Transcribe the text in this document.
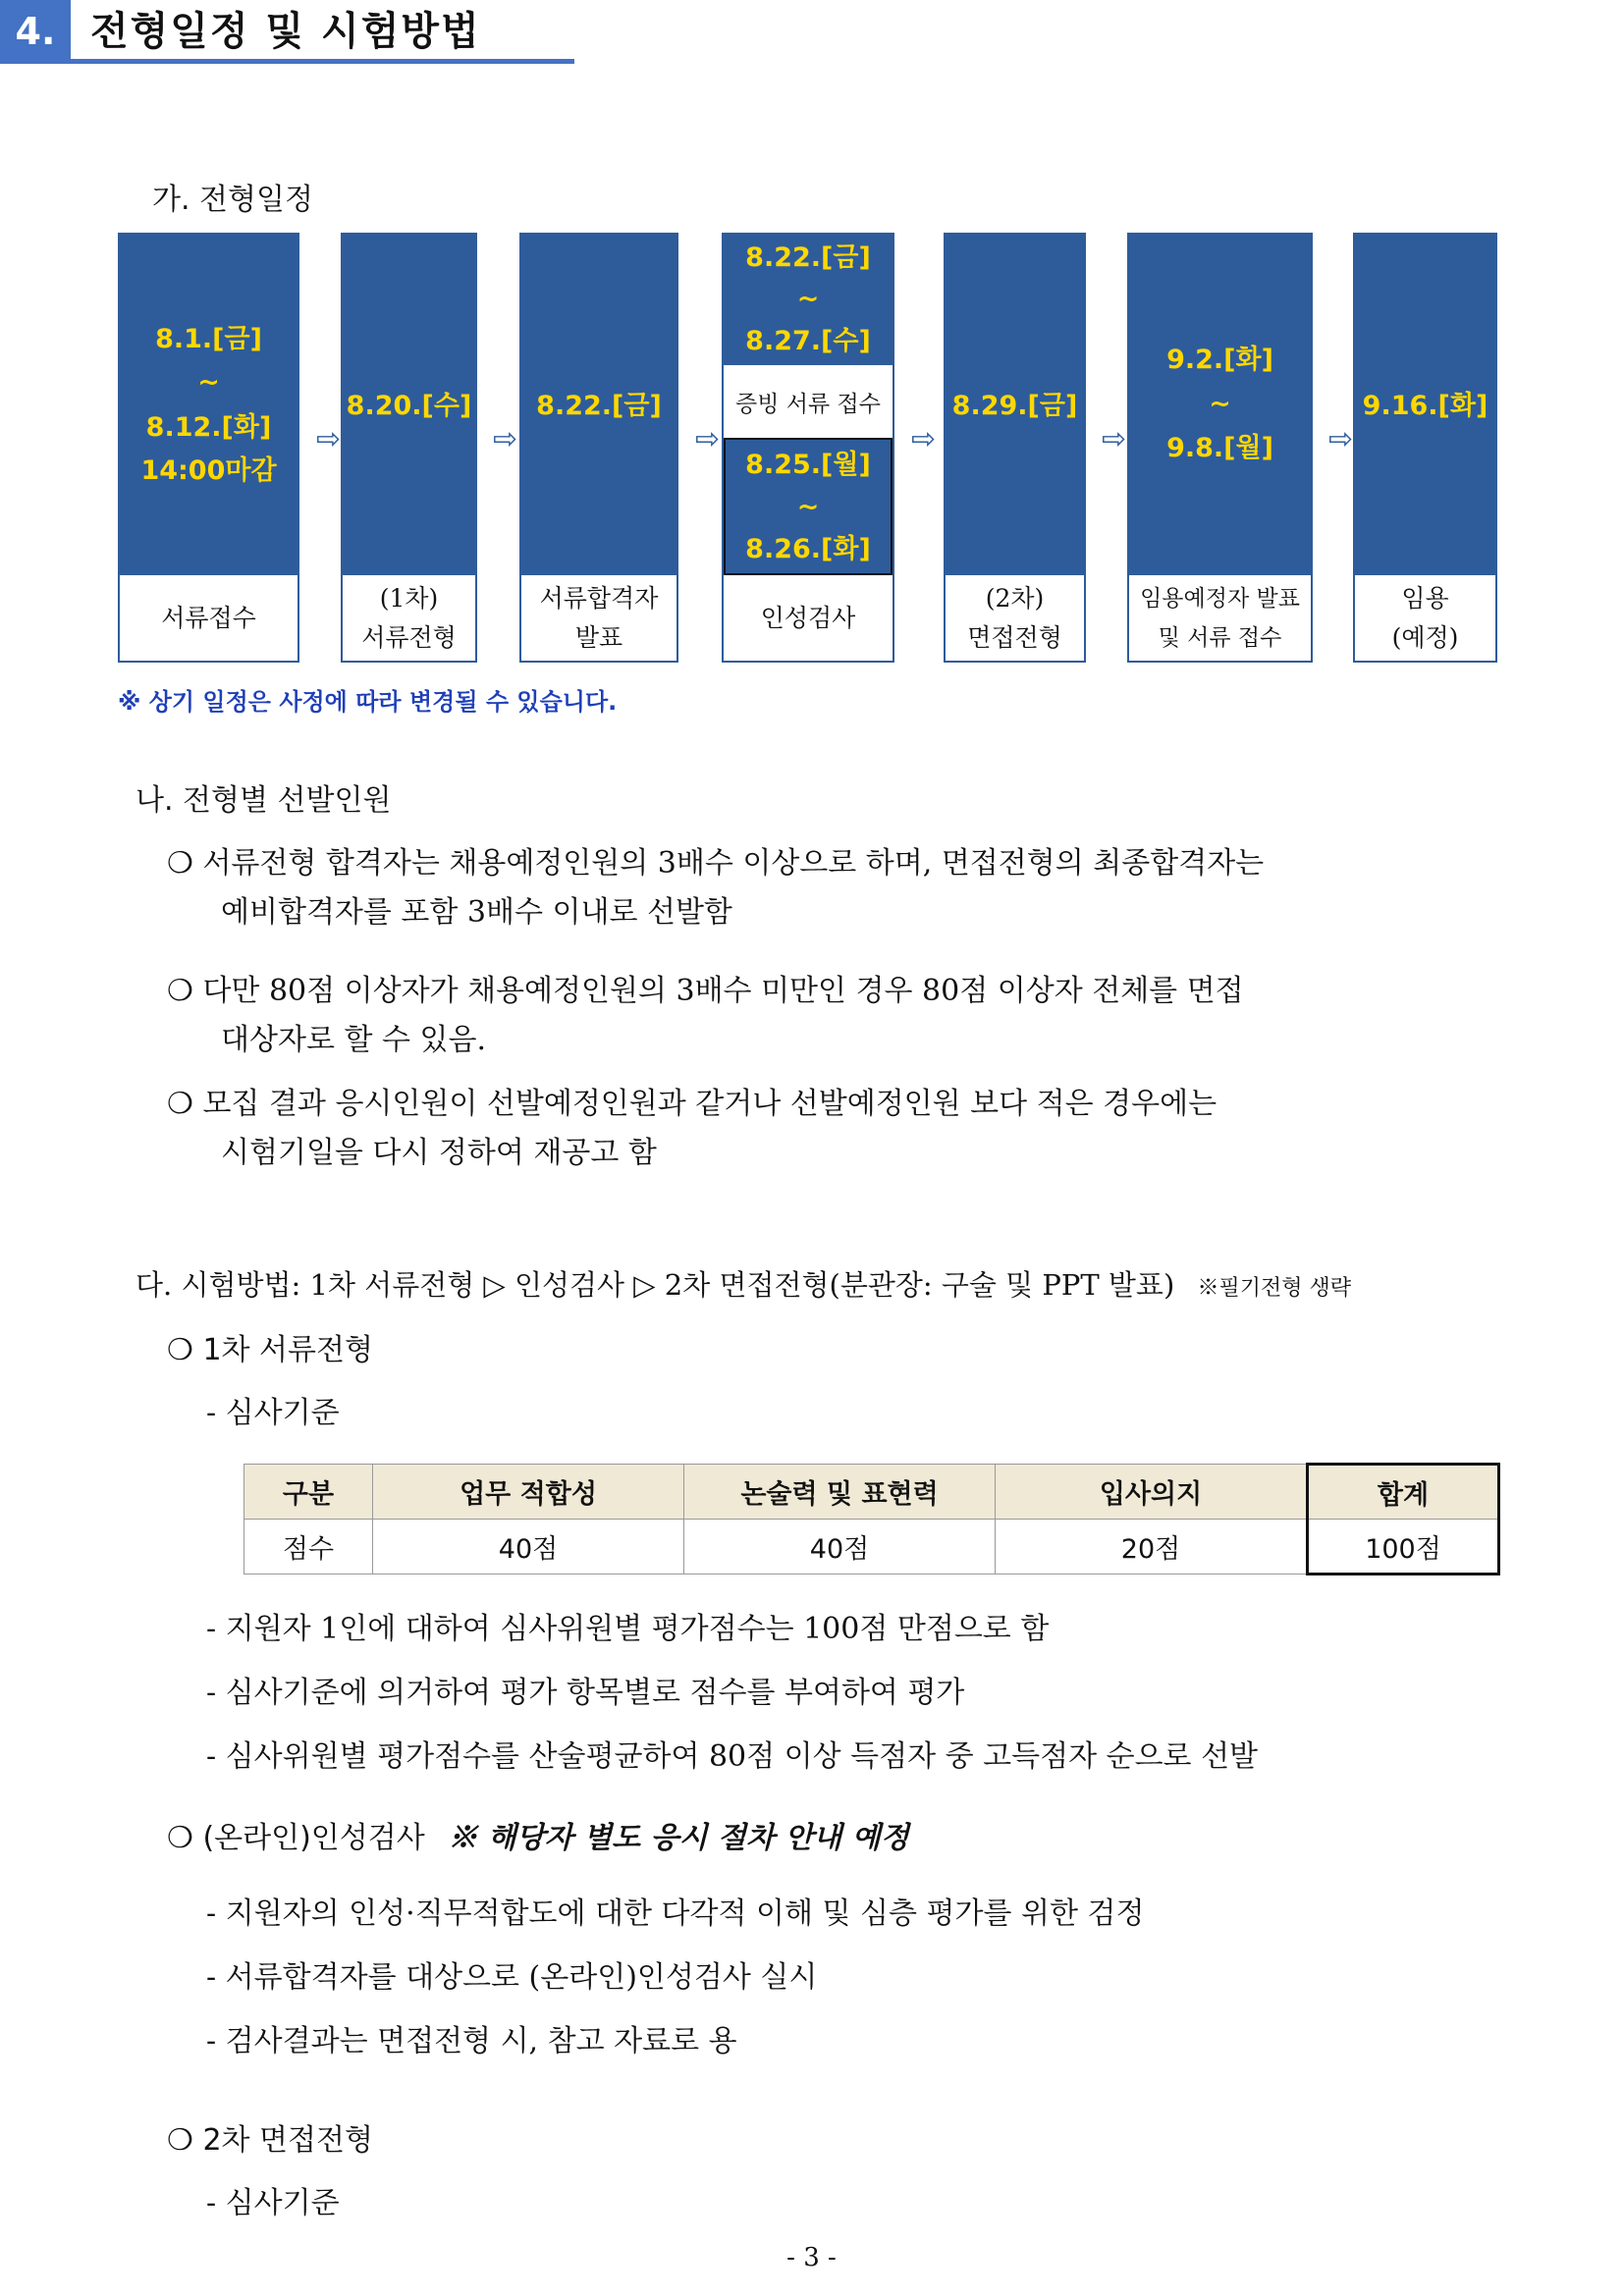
4. 전형일정 및 시험방법
가. 전형일정
8.1.[금]
~
8.12.[화]
14:00마감
서류접수
⇨
8.20.[수]
(1차)
서류전형
⇨
8.22.[금]
서류합격자
발표
⇨
8.22.[금]
~
8.27.[수]
증빙 서류 접수
8.25.[월]
~
8.26.[화]
인성검사
⇨
8.29.[금]
(2차)
면접전형
⇨
9.2.[화]
~
9.8.[월]
임용예정자 발표
및 서류 접수
⇨
9.16.[화]
임용
(예정)
※ 상기 일정은 사정에 따라 변경될 수 있습니다.
나. 전형별 선발인원
❍ 서류전형 합격자는 채용예정인원의 3배수 이상으로 하며, 면접전형의 최종합격자는
예비합격자를 포함 3배수 이내로 선발함
❍ 다만 80점 이상자가 채용예정인원의 3배수 미만인 경우 80점 이상자 전체를 면접
대상자로 할 수 있음.
❍ 모집 결과 응시인원이 선발예정인원과 같거나 선발예정인원 보다 적은 경우에는
시험기일을 다시 정하여 재공고 함
다. 시험방법: 1차 서류전형 ▷ 인성검사 ▷ 2차 면접전형(분관장: 구술 및 PPT 발표) ※필기전형 생략
❍ 1차 서류전형
- 심사기준
구분	업무 적합성	논술력 및 표현력	입사의지	합계
점수	40점	40점	20점	100점
- 지원자 1인에 대하여 심사위원별 평가점수는 100점 만점으로 함
- 심사기준에 의거하여 평가 항목별로 점수를 부여하여 평가
- 심사위원별 평가점수를 산술평균하여 80점 이상 득점자 중 고득점자 순으로 선발
❍ (온라인)인성검사 ※ 해당자 별도 응시 절차 안내 예정
- 지원자의 인성·직무적합도에 대한 다각적 이해 및 심층 평가를 위한 검정
- 서류합격자를 대상으로 (온라인)인성검사 실시
- 검사결과는 면접전형 시, 참고 자료로 용
❍ 2차 면접전형
- 심사기준
- 3 -
